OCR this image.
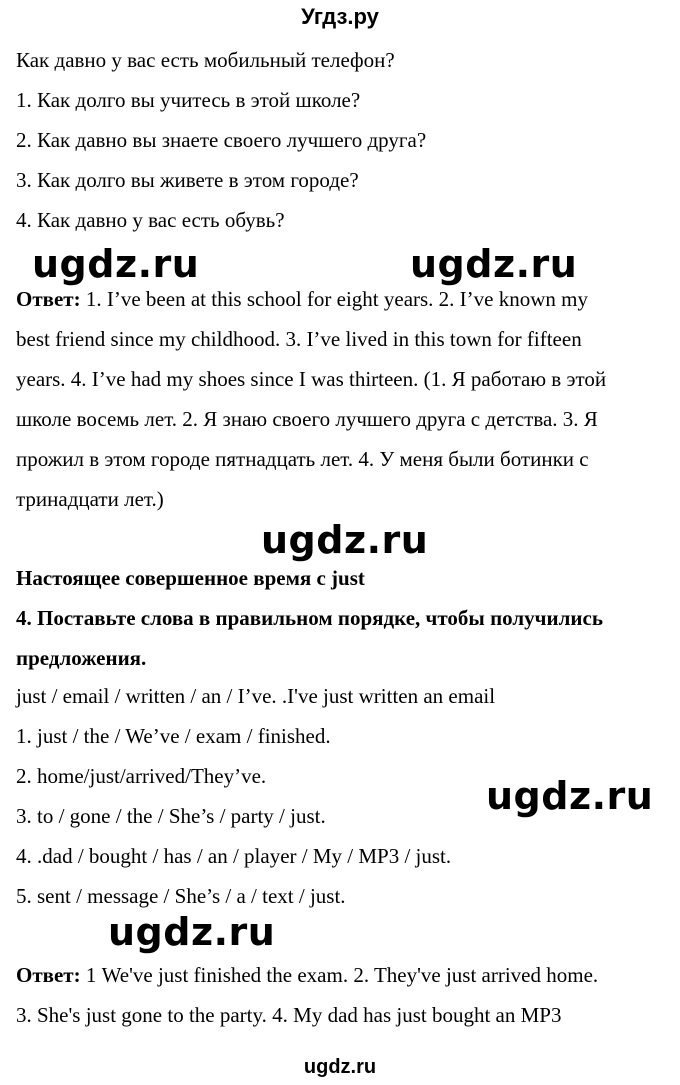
Угдз.ру
Как давно у вас есть мобильный телефон?
1. Как долго вы учитесь в этой школе?
2. Как давно вы знаете своего лучшего друга?
3. Как долго вы живете в этом городе?
4. Как давно у вас есть обувь?
ugdz.ru	ugdz.ru
Ответ: 1. I’ve been at this school for eight years. 2. I’ve known my
best friend since my childhood. 3. I’ve lived in this town for fifteen
years. 4. I’ve had my shoes since I was thirteen. (1. Я работаю в этой
школе восемь лет. 2. Я знаю своего лучшего друга с детства. 3. Я
прожил в этом городе пятнадцать лет. 4. У меня были ботинки с
тринадцати лет.)
ugdz.ru
Настоящее совершенное время с just
4. Поставьте слова в правильном порядке, чтобы получились
предложения.
just / email / written / an / I’ve. .I've just written an email
1. just / the / We’ve / exam / finished.
2. home/just/arrived/They’ve.
3. to / gone / the / She’s / party / just.
4. .dad / bought / has / an / player / My / MP3 / just.
5. sent / message / She’s / a / text / just.
ugdz.ru
ugdz.ru
Ответ: 1 We've just finished the exam. 2. They've just arrived home.
3. She's just gone to the party. 4. My dad has just bought an MP3
ugdz.ru
